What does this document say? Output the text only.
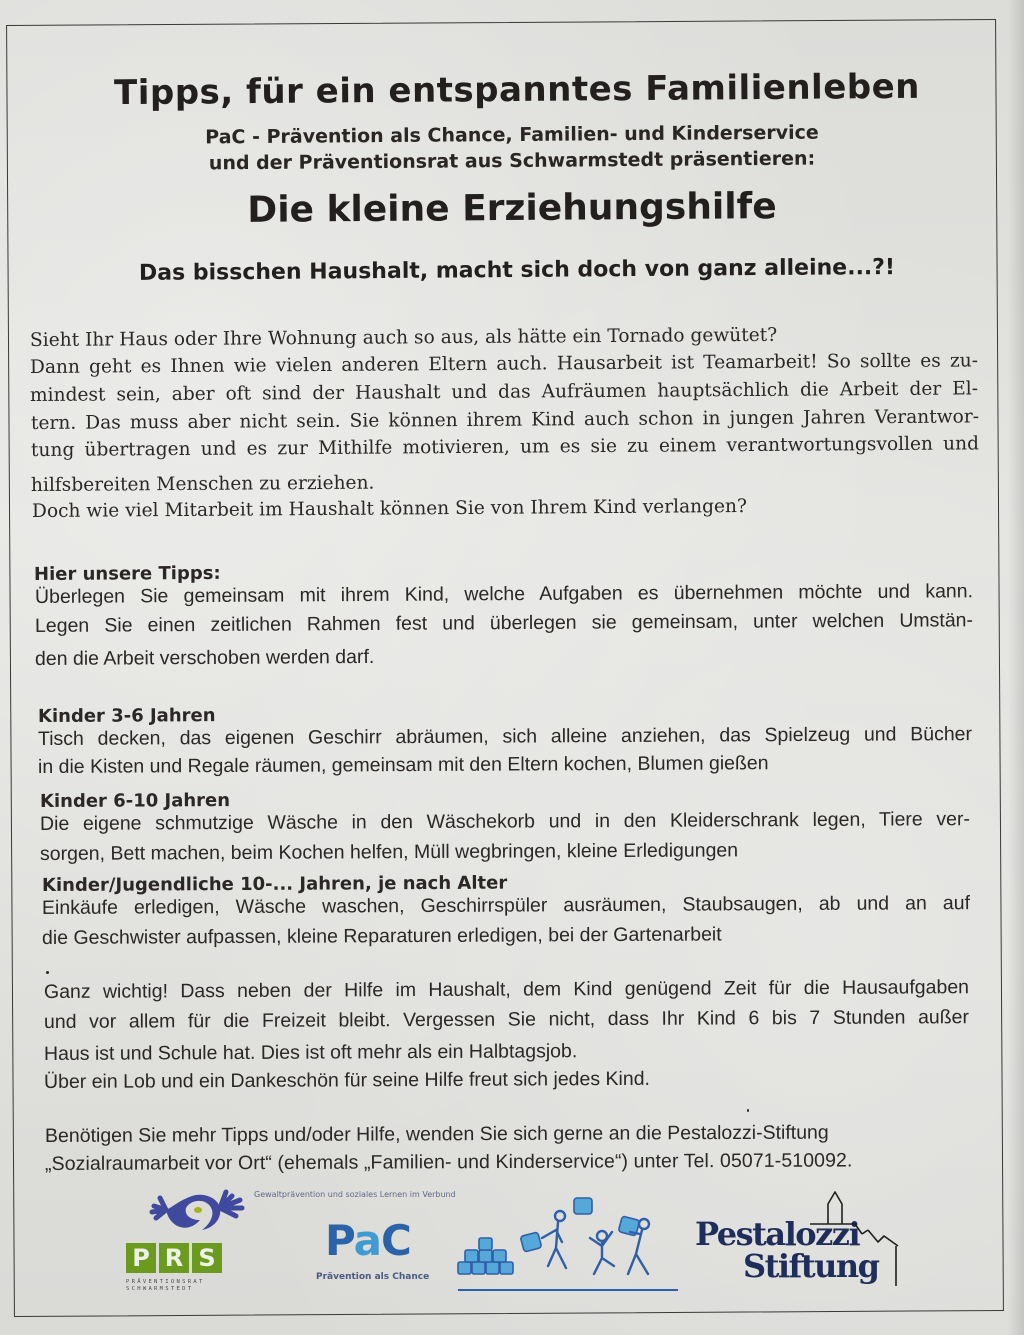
Tipps, für ein entspanntes Familienleben
PaC - Prävention als Chance, Familien- und Kinderservice
und der Präventionsrat aus Schwarmstedt präsentieren:
Die kleine Erziehungshilfe
Das bisschen Haushalt, macht sich doch von ganz alleine...?!
Sieht Ihr Haus oder Ihre Wohnung auch so aus, als hätte ein Tornado gewütet?
Dann geht es Ihnen wie vielen anderen Eltern auch. Hausarbeit ist Teamarbeit! So sollte es zu-
mindest sein, aber oft sind der Haushalt und das Aufräumen hauptsächlich die Arbeit der El-
tern. Das muss aber nicht sein. Sie können ihrem Kind auch schon in jungen Jahren Verantwor-
tung übertragen und es zur Mithilfe motivieren, um es sie zu einem verantwortungsvollen und
hilfsbereiten Menschen zu erziehen.
Doch wie viel Mitarbeit im Haushalt können Sie von Ihrem Kind verlangen?
Hier unsere Tipps:
Überlegen Sie gemeinsam mit ihrem Kind, welche Aufgaben es übernehmen möchte und kann.
Legen Sie einen zeitlichen Rahmen fest und überlegen sie gemeinsam, unter welchen Umstän-
den die Arbeit verschoben werden darf.
Kinder 3-6 Jahren
Tisch decken, das eigenen Geschirr abräumen, sich alleine anziehen, das Spielzeug und Bücher
in die Kisten und Regale räumen, gemeinsam mit den Eltern kochen, Blumen gießen
Kinder 6-10 Jahren
Die eigene schmutzige Wäsche in den Wäschekorb und in den Kleiderschrank legen, Tiere ver-
sorgen, Bett machen, beim Kochen helfen, Müll wegbringen, kleine Erledigungen
Kinder/Jugendliche 10-... Jahren, je nach Alter
Einkäufe erledigen, Wäsche waschen, Geschirrspüler ausräumen, Staubsaugen, ab und an auf
die Geschwister aufpassen, kleine Reparaturen erledigen, bei der Gartenarbeit
Ganz wichtig! Dass neben der Hilfe im Haushalt, dem Kind genügend Zeit für die Hausaufgaben
und vor allem für die Freizeit bleibt. Vergessen Sie nicht, dass Ihr Kind 6 bis 7 Stunden außer
Haus ist und Schule hat. Dies ist oft mehr als ein Halbtagsjob.
Über ein Lob und ein Dankeschön für seine Hilfe freut sich jedes Kind.
Benötigen Sie mehr Tipps und/oder Hilfe, wenden Sie sich gerne an die Pestalozzi-Stiftung
„Sozialraumarbeit vor Ort“ (ehemals „Familien- und Kinderservice“) unter Tel. 05071-510092.
P R S
PRÄVENTIONSRAT
SCHWARMSTEDT
Gewaltprävention und soziales Lernen im Verbund
PaC
Prävention als Chance
Pestalozzi
Stiftung
